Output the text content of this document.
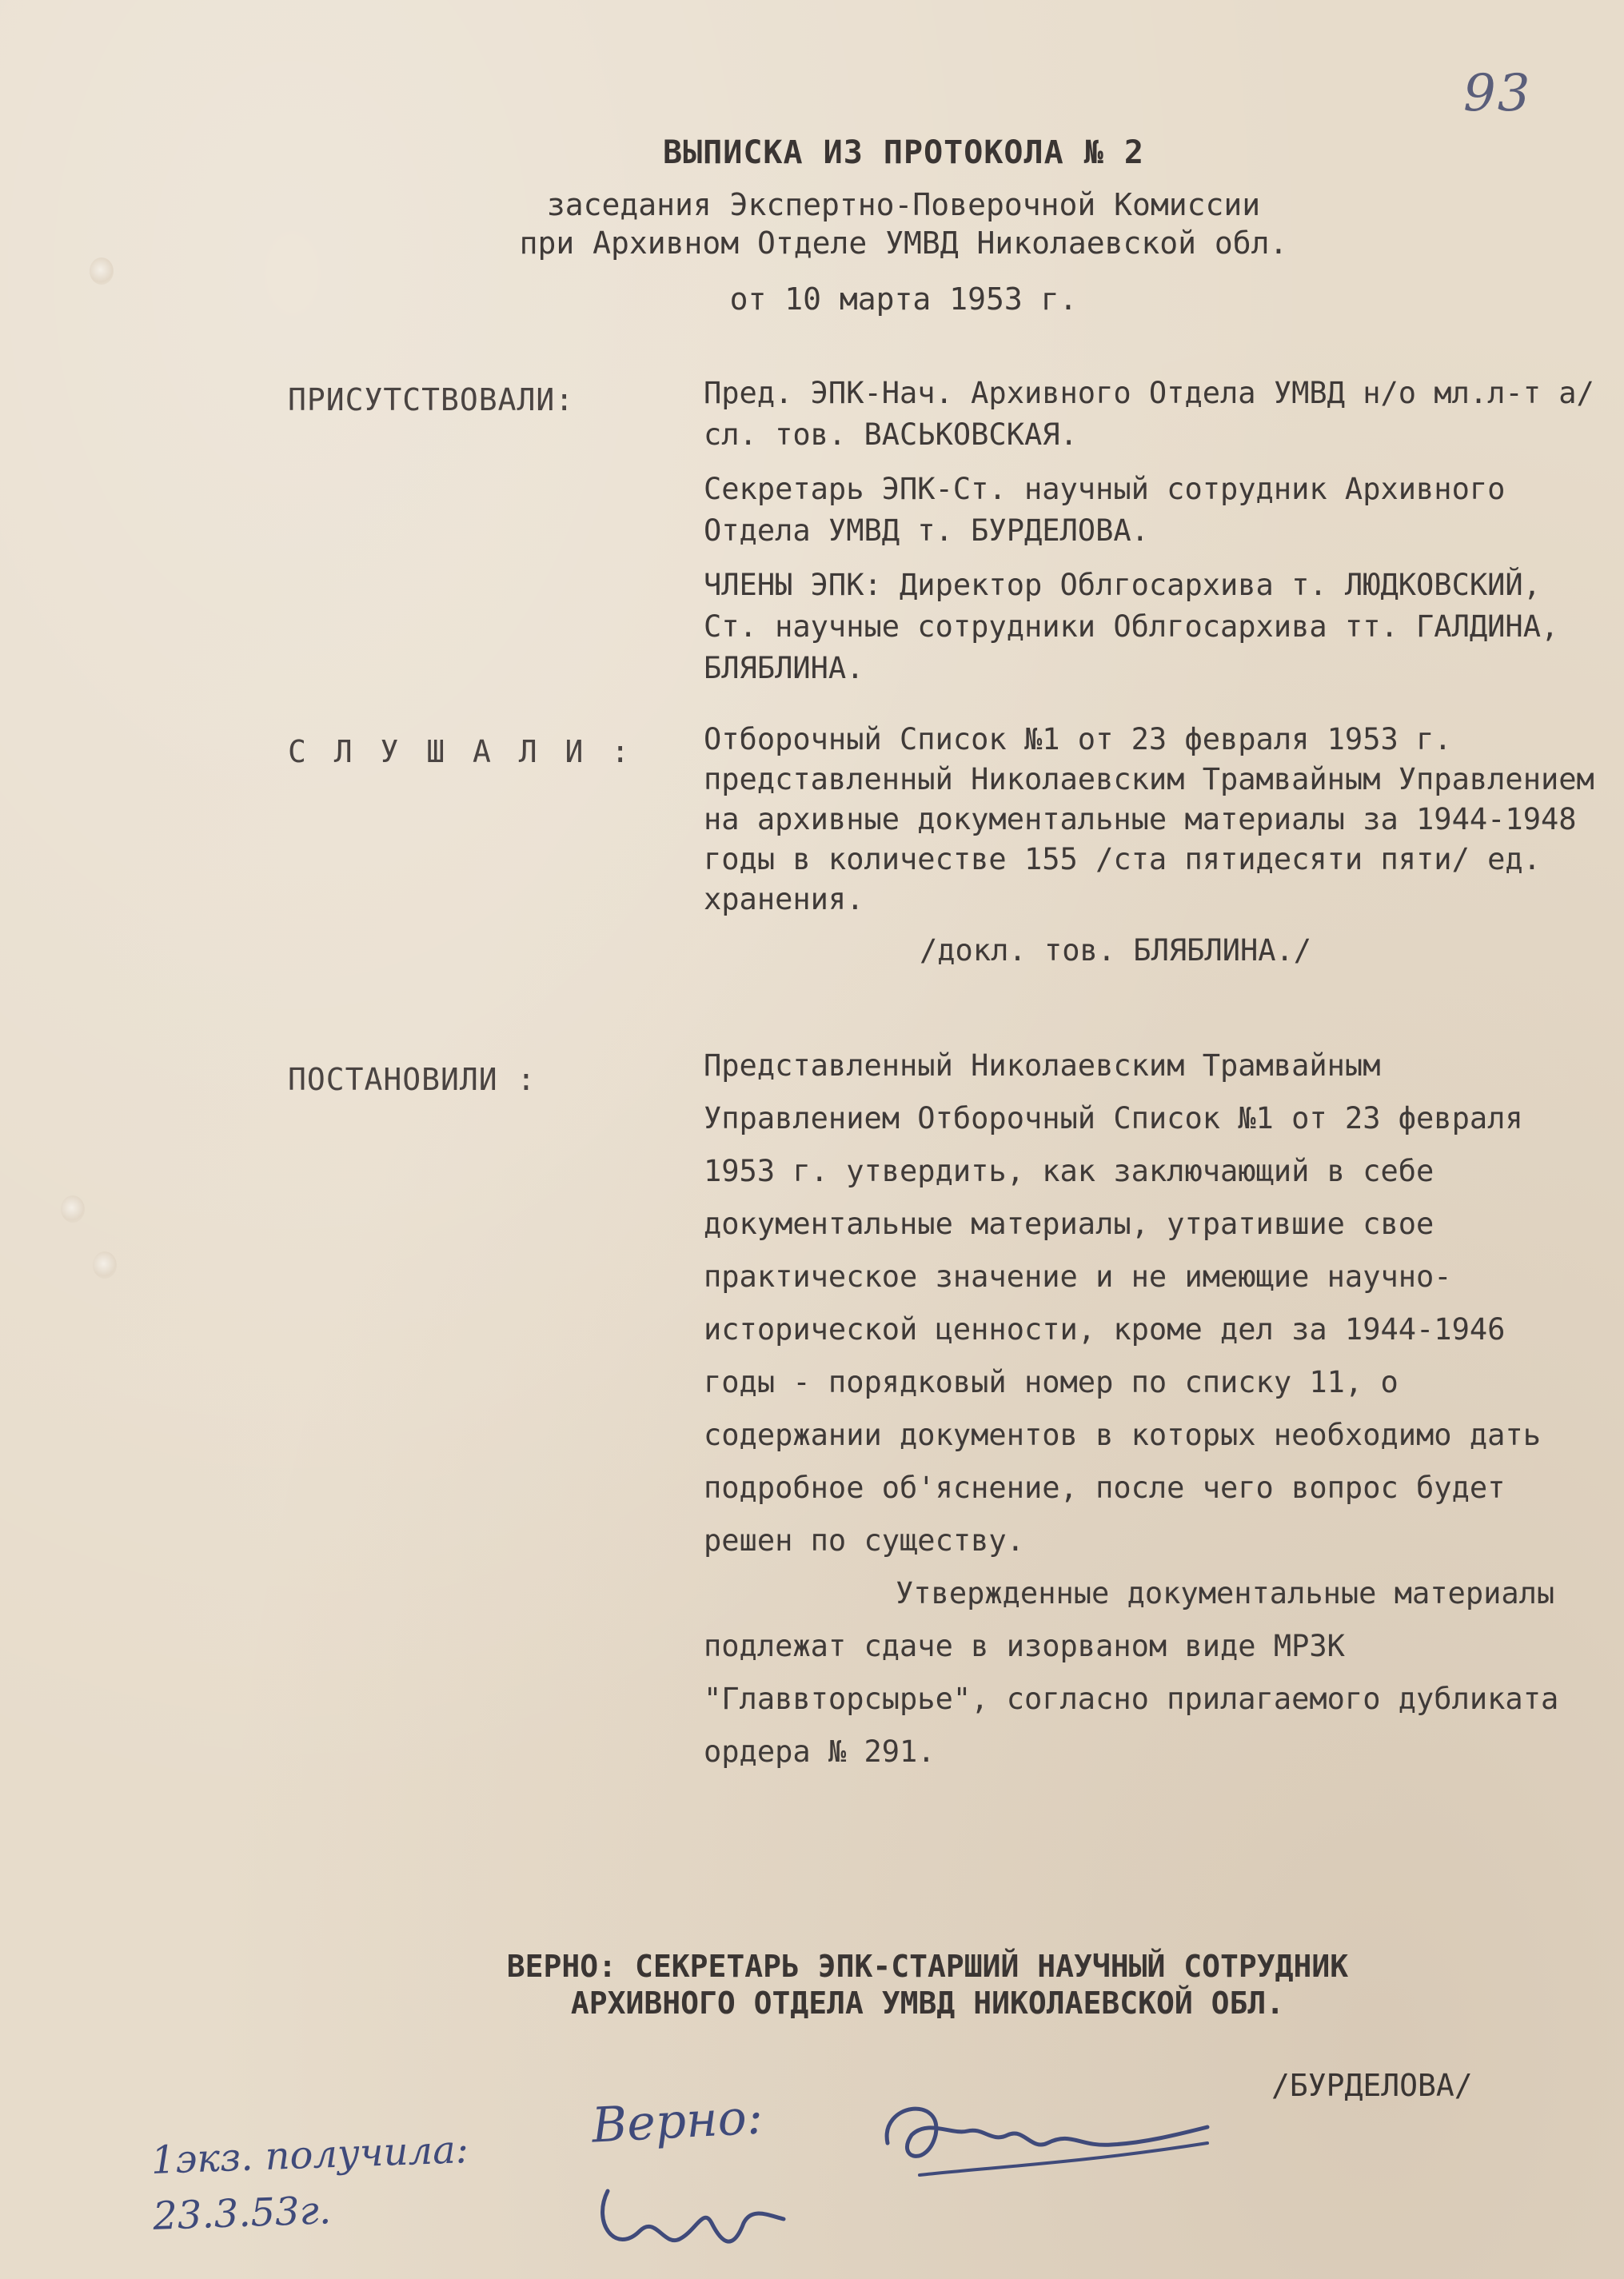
93

ВЫПИСКА ИЗ ПРОТОКОЛА № 2

заседания Экспертно-Поверочной Комиссии

при Архивном Отделе УМВД Николаевской обл.

от 10 марта 1953 г.

ПРИСУТСТВОВАЛИ:	Пред. ЭПК-Нач. Архивного Отдела УМВД н/о мл.л-т а/сл. тов. ВАСЬКОВСКАЯ.

Секретарь ЭПК-Ст. научный сотрудник Архивного Отдела УМВД т. БУРДЕЛОВА.

ЧЛЕНЫ ЭПК: Директор Облгосархива т. ЛЮДКОВСКИЙ, Ст. научные сотрудники Облгосархива тт. ГАЛДИНА, БЛЯБЛИНА.

С Л У Ш А Л И : Отборочный Список №1 от 23 февраля 1953 г. представленный Николаевским Трамвайным Управлением на архивные документальные материалы за 1944-1948 годы в количестве 155 /ста пятидесяти пяти/ ед. хранения.

/докл. тов. БЛЯБЛИНА./

ПОСТАНОВИЛИ :	Представленный Николаевским Трамвайным Управлением Отборочный Список №1 от 23 февраля 1953 г. утвердить, как заключающий в себе документальные материалы, утратившие свое практическое значение и не имеющие научно-исторической ценности, кроме дел за 1944-1946 годы - порядковый номер по списку 11, о содержании документов в которых необходимо дать подробное об'яснение, после чего вопрос будет решен по существу.

Утвержденные документальные материалы подлежат сдаче в изорваном виде МРЗК "Главвторсырье", согласно прилагаемого дубликата ордера № 291.

ВЕРНО: СЕКРЕТАРЬ ЭПК-СТАРШИЙ НАУЧНЫЙ СОТРУДНИК
АРХИВНОГО ОТДЕЛА УМВД НИКОЛАЕВСКОЙ ОБЛ.
/БУРДЕЛОВА/
1экз. получила:
23.3.53г.
Верно:
